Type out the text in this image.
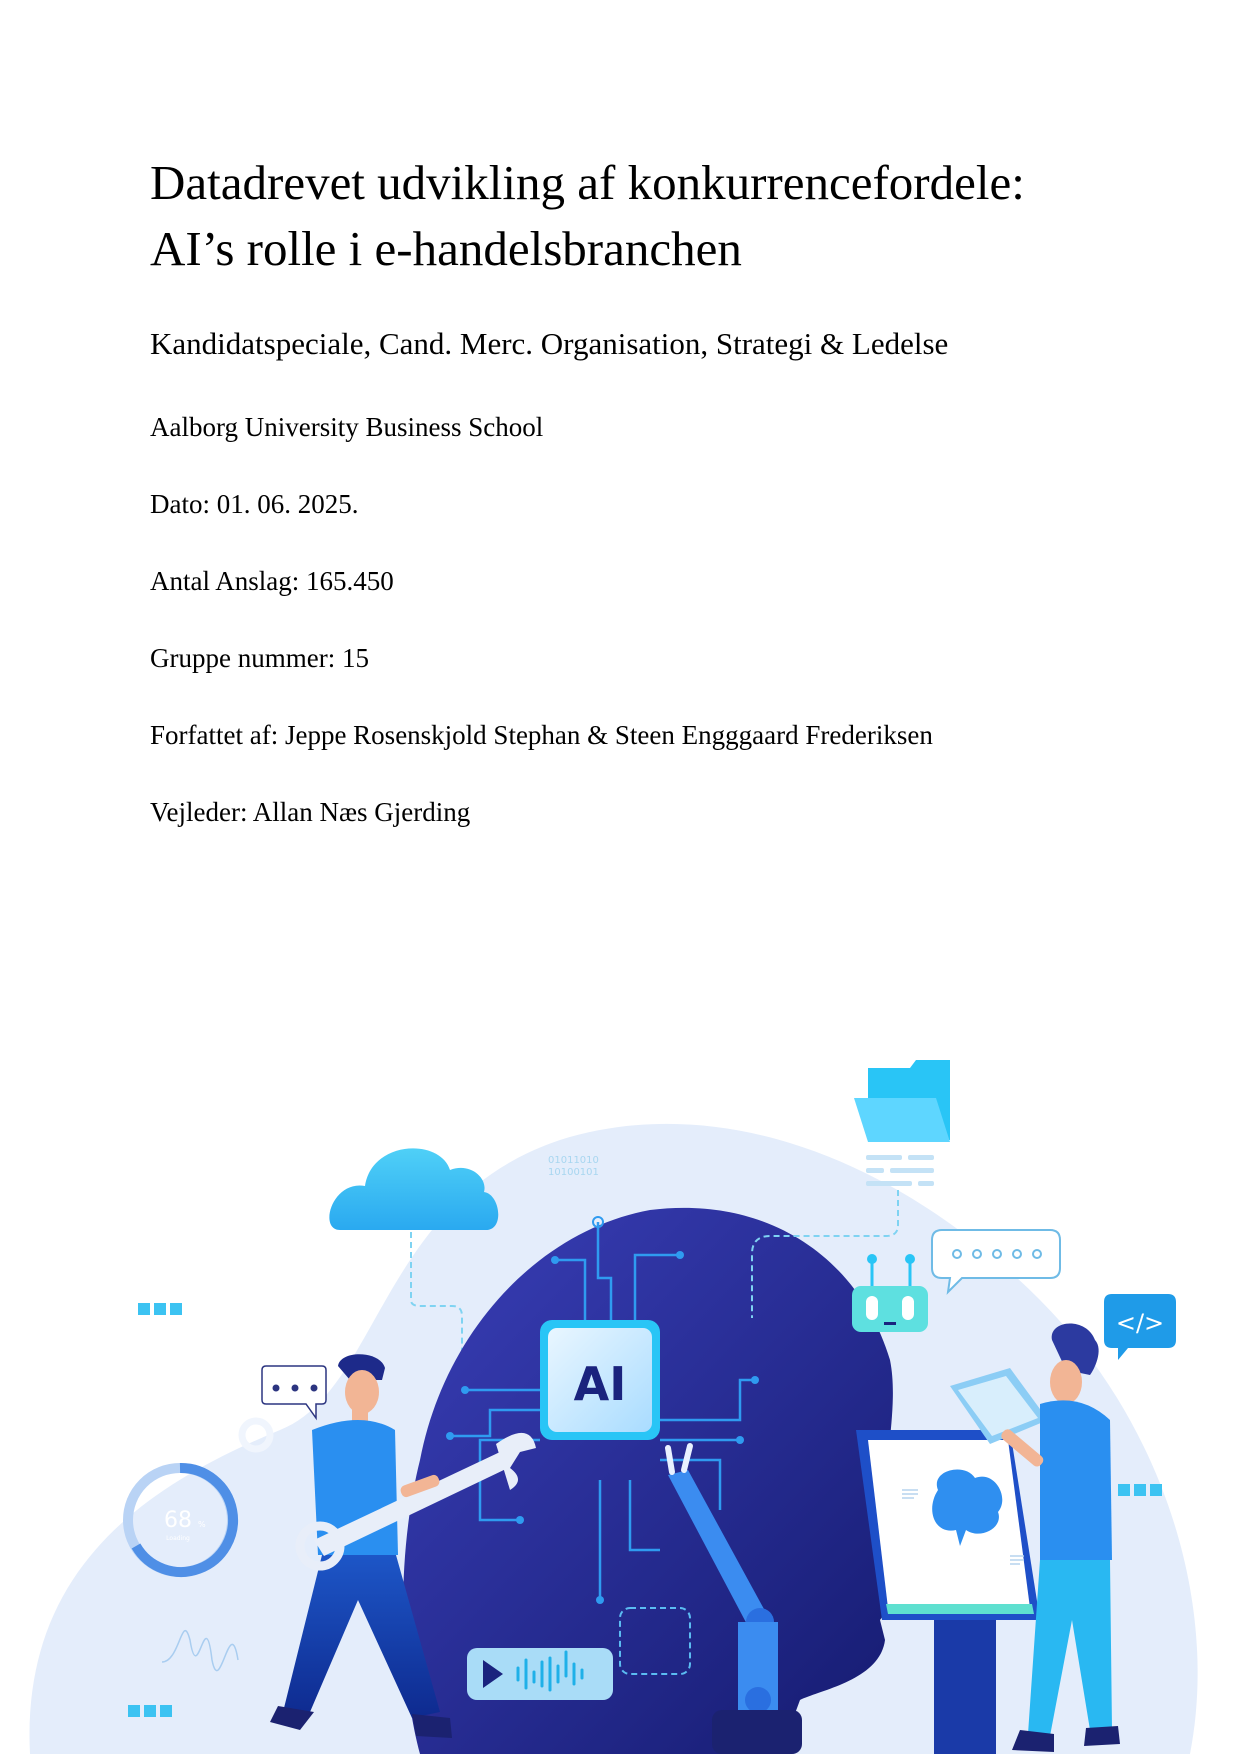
Datadrevet udvikling af konkurrencefordele:
AI’s rolle i e-handelsbranchen

Kandidatspeciale, Cand. Merc. Organisation, Strategi & Ledelse

Aalborg University Business School

Dato: 01. 06. 2025.

Antal Anslag: 165.450

Gruppe nummer: 15

Forfattet af: Jeppe Rosenskjold Stephan & Steen Engggaard Frederiksen

Vejleder: Allan Næs Gjerding

01011010
10100101
AI
</>
68 %
Loading
